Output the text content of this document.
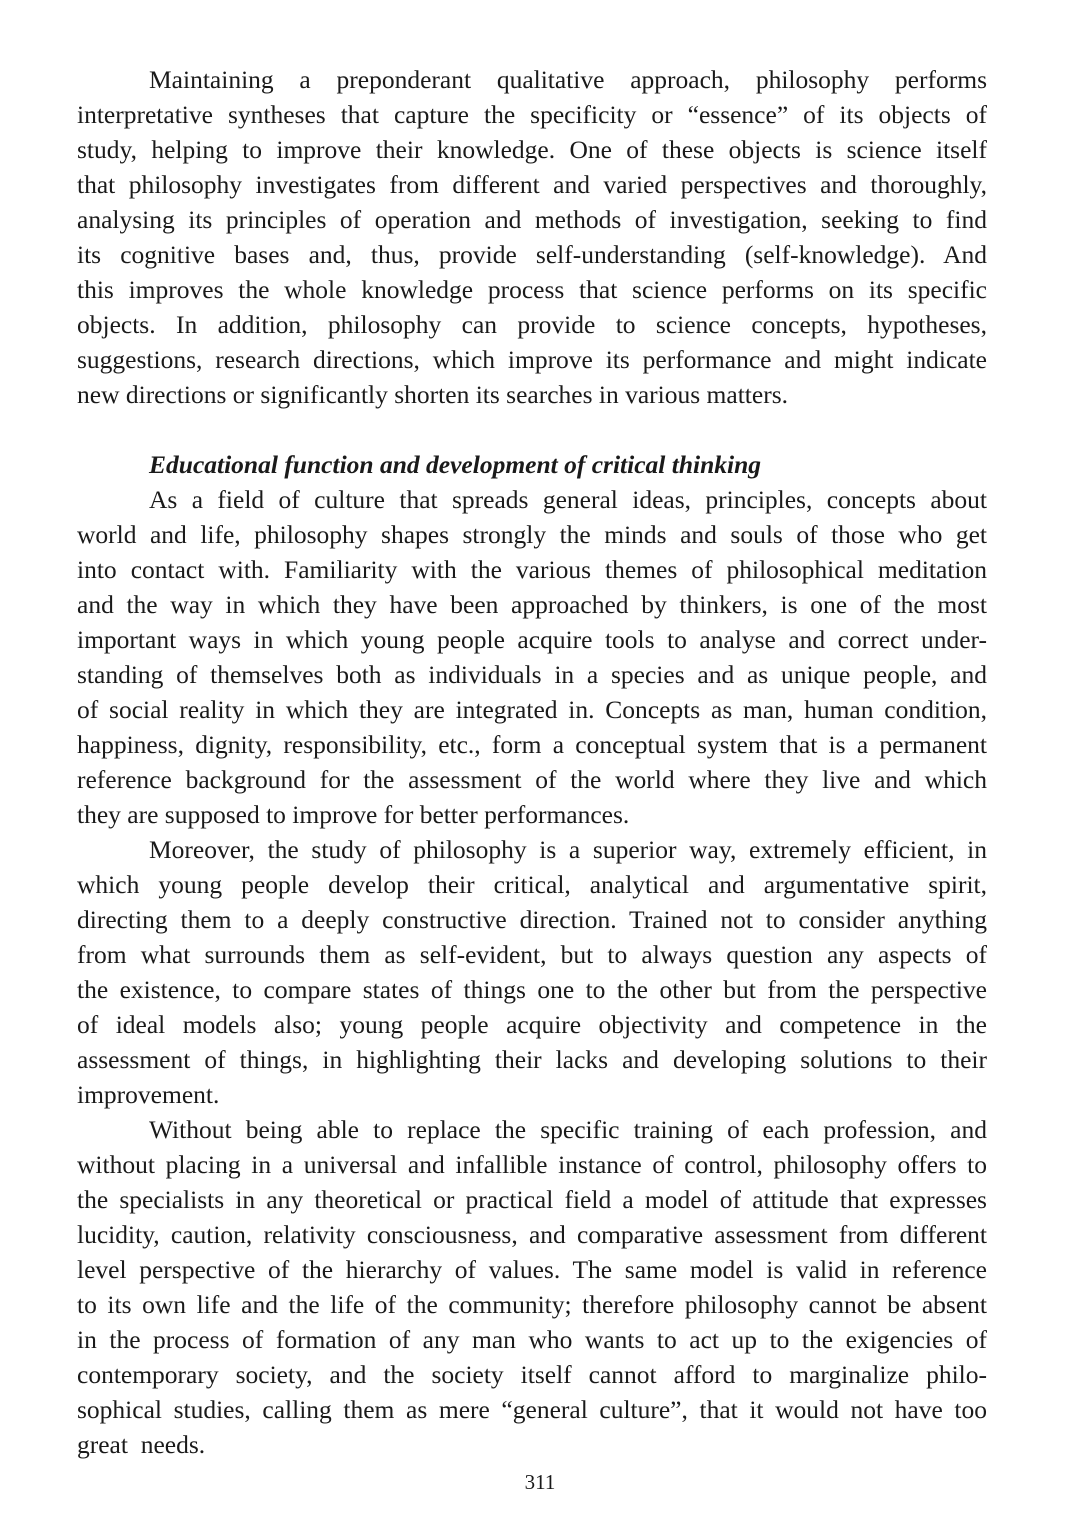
Maintaining a preponderant qualitative approach, philosophy performs
interpretative syntheses that capture the specificity or “essence” of its objects of
study, helping to improve their knowledge. One of these objects is science itself
that philosophy investigates from different and varied perspectives and thoroughly,
analysing its principles of operation and methods of investigation, seeking to find
its cognitive bases and, thus, provide self-understanding (self-knowledge). And
this improves the whole knowledge process that science performs on its specific
objects. In addition, philosophy can provide to science concepts, hypotheses,
suggestions, research directions, which improve its performance and might indicate
new directions or significantly shorten its searches in various matters.
Educational function and development of critical thinking
As a field of culture that spreads general ideas, principles, concepts about
world and life, philosophy shapes strongly the minds and souls of those who get
into contact with. Familiarity with the various themes of philosophical meditation
and the way in which they have been approached by thinkers, is one of the most
important ways in which young people acquire tools to analyse and correct under-
standing of themselves both as individuals in a species and as unique people, and
of social reality in which they are integrated in. Concepts as man, human condition,
happiness, dignity, responsibility, etc., form a conceptual system that is a permanent
reference background for the assessment of the world where they live and which
they are supposed to improve for better performances.
Moreover, the study of philosophy is a superior way, extremely efficient, in
which young people develop their critical, analytical and argumentative spirit,
directing them to a deeply constructive direction. Trained not to consider anything
from what surrounds them as self-evident, but to always question any aspects of
the existence, to compare states of things one to the other but from the perspective
of ideal models also; young people acquire objectivity and competence in the
assessment of things, in highlighting their lacks and developing solutions to their
improvement.
Without being able to replace the specific training of each profession, and
without placing in a universal and infallible instance of control, philosophy offers to
the specialists in any theoretical or practical field a model of attitude that expresses
lucidity, caution, relativity consciousness, and comparative assessment from different
level perspective of the hierarchy of values. The same model is valid in reference
to its own life and the life of the community; therefore philosophy cannot be absent
in the process of formation of any man who wants to act up to the exigencies of
contemporary society, and the society itself cannot afford to marginalize philo-
sophical studies, calling them as mere “general culture”, that it would not have too
great  needs.
311
